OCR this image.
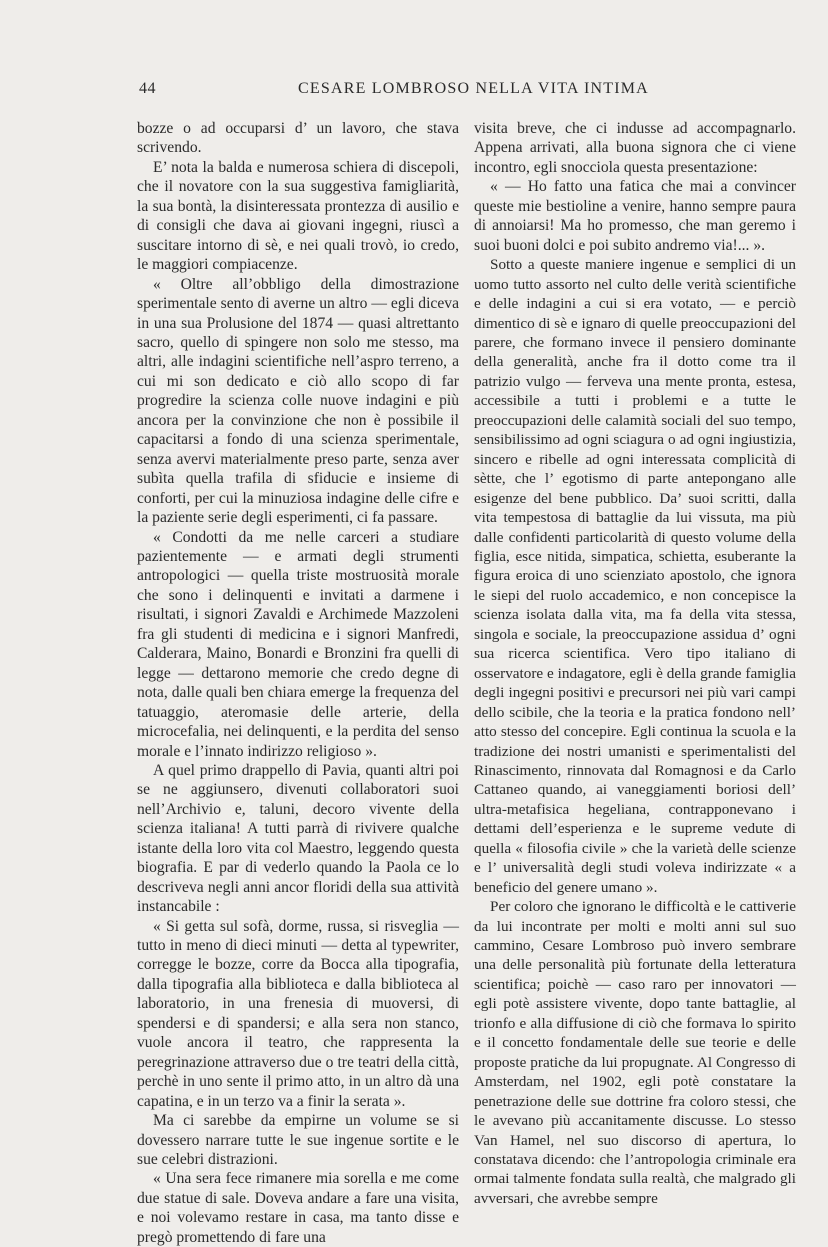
44	CESARE LOMBROSO NELLA VITA INTIMA

bozze o ad occuparsi d’ un lavoro, che stava scrivendo.

E’ nota la balda e numerosa schiera di discepoli, che il novatore con la sua suggestiva famigliarità, la sua bontà, la disinteressata prontezza di ausilio e di consigli che dava ai giovani ingegni, riuscì a suscitare intorno di sè, e nei quali trovò, io credo, le maggiori compiacenze.

« Oltre all’obbligo della dimostrazione sperimentale sento di averne un altro — egli diceva in una sua Prolusione del 1874 — quasi altrettanto sacro, quello di spingere non solo me stesso, ma altri, alle indagini scientifiche nell’aspro terreno, a cui mi son dedicato e ciò allo scopo di far progredire la scienza colle nuove indagini e più ancora per la convinzione che non è possibile il capacitarsi a fondo di una scienza sperimentale, senza avervi materialmente preso parte, senza aver subìta quella trafila di sfiducie e insieme di conforti, per cui la minuziosa indagine delle cifre e la paziente serie degli esperimenti, ci fa passare.

« Condotti da me nelle carceri a studiare pazientemente — e armati degli strumenti antropologici — quella triste mostruosità morale che sono i delinquenti e invitati a darmene i risultati, i signori Zavaldi e Archimede Mazzoleni fra gli studenti di medicina e i signori Manfredi, Calderara, Maino, Bonardi e Bronzini fra quelli di legge — dettarono memorie che credo degne di nota, dalle quali ben chiara emerge la frequenza del tatuaggio, ateromasie delle arterie, della microcefalia, nei delinquenti, e la perdita del senso morale e l’innato indirizzo religioso ».

A quel primo drappello di Pavia, quanti altri poi se ne aggiunsero, divenuti collaboratori suoi nell’Archivio e, taluni, decoro vivente della scienza italiana! A tutti parrà di rivivere qualche istante della loro vita col Maestro, leggendo questa biografia. E par di vederlo quando la Paola ce lo descriveva negli anni ancor floridi della sua attività instancabile :

« Si getta sul sofà, dorme, russa, si risveglia — tutto in meno di dieci minuti — detta al typewriter, corregge le bozze, corre da Bocca alla tipografia, dalla tipografia alla biblioteca e dalla biblioteca al laboratorio, in una frenesia di muoversi, di spendersi e di spandersi; e alla sera non stanco, vuole ancora il teatro, che rappresenta la peregrinazione attraverso due o tre teatri della città, perchè in uno sente il primo atto, in un altro dà una capatina, e in un terzo va a finir la serata ».

Ma ci sarebbe da empirne un volume se si dovessero narrare tutte le sue ingenue sortite e le sue celebri distrazioni.

« Una sera fece rimanere mia sorella e me come due statue di sale. Doveva andare a fare una visita, e noi volevamo restare in casa, ma tanto disse e pregò promettendo di fare una

visita breve, che ci indusse ad accompagnarlo. Appena arrivati, alla buona signora che ci viene incontro, egli snocciola questa presentazione:

« — Ho fatto una fatica che mai a convincer queste mie bestioline a venire, hanno sempre paura di annoiarsi! Ma ho promesso, che man geremo i suoi buoni dolci e poi subito andremo via!... ».

Sotto a queste maniere ingenue e semplici di un uomo tutto assorto nel culto delle verità scientifiche e delle indagini a cui si era votato, — e perciò dimentico di sè e ignaro di quelle preoccupazioni del parere, che formano invece il pensiero dominante della generalità, anche fra il dotto come tra il patrizio vulgo — ferveva una mente pronta, estesa, accessibile a tutti i problemi e a tutte le preoccupazioni delle calamità sociali del suo tempo, sensibilissimo ad ogni sciagura o ad ogni ingiustizia, sincero e ribelle ad ogni interessata complicità di sètte, che l’ egotismo di parte antepongano alle esigenze del bene pubblico. Da’ suoi scritti, dalla vita tempestosa di battaglie da lui vissuta, ma più dalle confidenti particolarità di questo volume della figlia, esce nitida, simpatica, schietta, esuberante la figura eroica di uno scienziato apostolo, che ignora le siepi del ruolo accademico, e non concepisce la scienza isolata dalla vita, ma fa della vita stessa, singola e sociale, la preoccupazione assidua d’ ogni sua ricerca scientifica. Vero tipo italiano di osservatore e indagatore, egli è della grande famiglia degli ingegni positivi e precursori nei più vari campi dello scibile, che la teoria e la pratica fondono nell’ atto stesso del concepire. Egli continua la scuola e la tradizione dei nostri umanisti e sperimentalisti del Rinascimento, rinnovata dal Romagnosi e da Carlo Cattaneo quando, ai vaneggiamenti boriosi dell’ ultra-metafisica hegeliana, contrapponevano i dettami dell’esperienza e le supreme vedute di quella « filosofia civile » che la varietà delle scienze e l’ universalità degli studi voleva indirizzate « a beneficio del genere umano ».

Per coloro che ignorano le difficoltà e le cattiverie da lui incontrate per molti e molti anni sul suo cammino, Cesare Lombroso può invero sembrare una delle personalità più fortunate della letteratura scientifica; poichè — caso raro per innovatori — egli potè assistere vivente, dopo tante battaglie, al trionfo e alla diffusione di ciò che formava lo spirito e il concetto fondamentale delle sue teorie e delle proposte pratiche da lui propugnate. Al Congresso di Amsterdam, nel 1902, egli potè constatare la penetrazione delle sue dottrine fra coloro stessi, che le avevano più accanitamente discusse. Lo stesso Van Hamel, nel suo discorso di apertura, lo constatava dicendo: che l’antropologia criminale era ormai talmente fondata sulla realtà, che malgrado gli avversari, che avrebbe sempre
